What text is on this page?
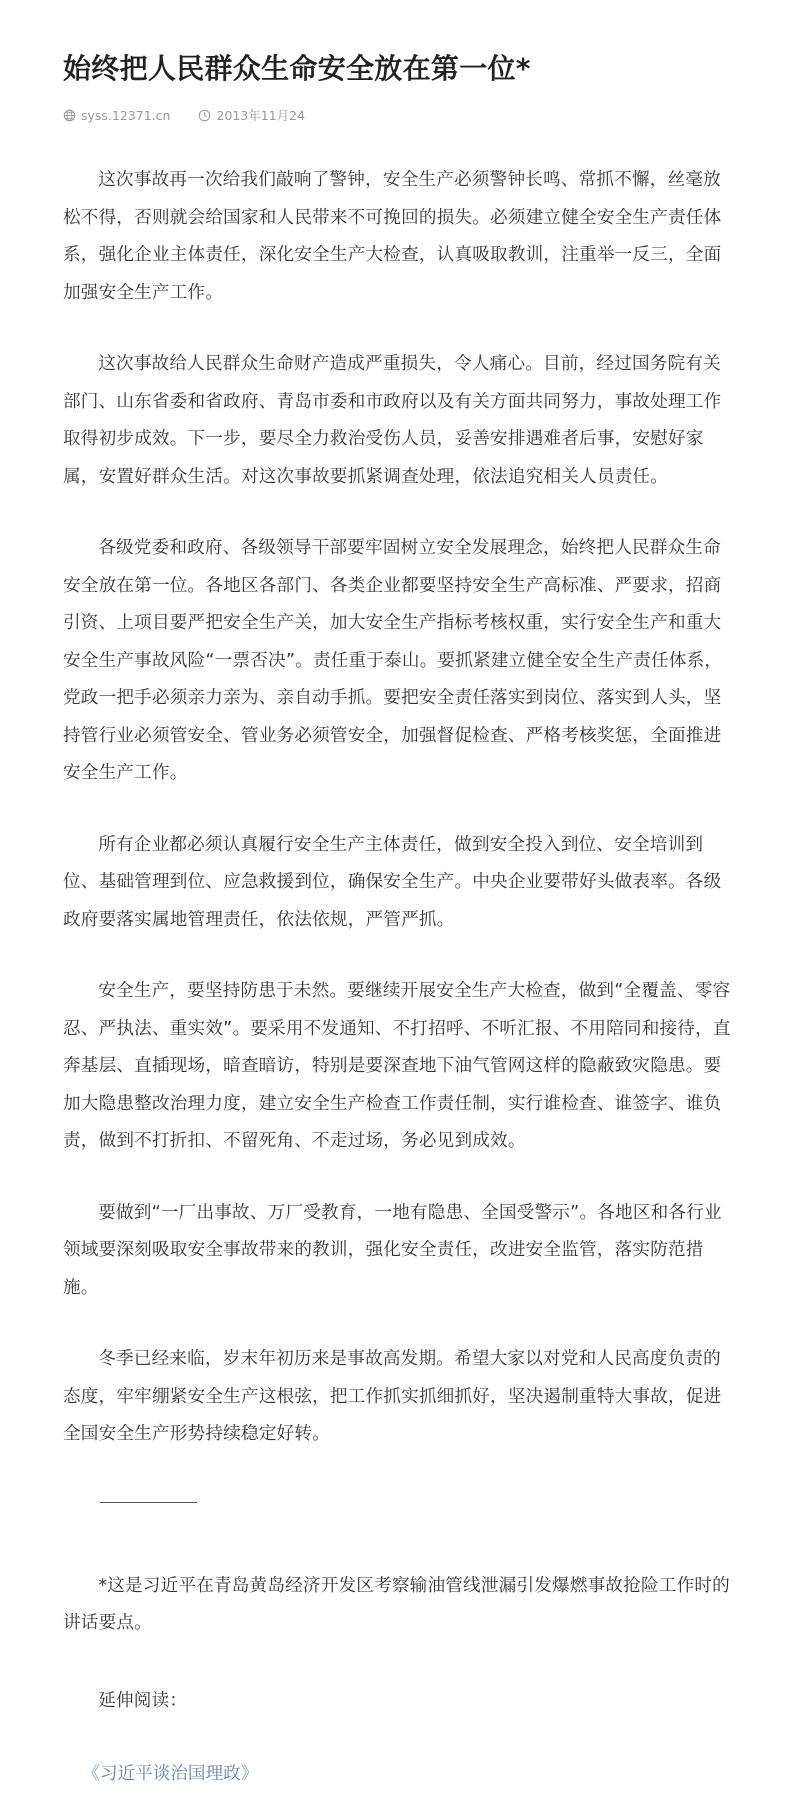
始终把人民群众生命安全放在第一位*
syss.12371.cn	2013年11月24

这次事故再一次给我们敲响了警钟，安全生产必须警钟长鸣、常抓不懈，丝毫放松不得，否则就会给国家和人民带来不可挽回的损失。必须建立健全安全生产责任体系，强化企业主体责任，深化安全生产大检查，认真吸取教训，注重举一反三，全面加强安全生产工作。

这次事故给人民群众生命财产造成严重损失，令人痛心。目前，经过国务院有关部门、山东省委和省政府、青岛市委和市政府以及有关方面共同努力，事故处理工作取得初步成效。下一步，要尽全力救治受伤人员，妥善安排遇难者后事，安慰好家属，安置好群众生活。对这次事故要抓紧调查处理，依法追究相关人员责任。

各级党委和政府、各级领导干部要牢固树立安全发展理念，始终把人民群众生命安全放在第一位。各地区各部门、各类企业都要坚持安全生产高标准、严要求，招商引资、上项目要严把安全生产关，加大安全生产指标考核权重，实行安全生产和重大安全生产事故风险“一票否决”。责任重于泰山。要抓紧建立健全安全生产责任体系，党政一把手必须亲力亲为、亲自动手抓。要把安全责任落实到岗位、落实到人头，坚持管行业必须管安全、管业务必须管安全，加强督促检查、严格考核奖惩，全面推进安全生产工作。

所有企业都必须认真履行安全生产主体责任，做到安全投入到位、安全培训到位、基础管理到位、应急救援到位，确保安全生产。中央企业要带好头做表率。各级政府要落实属地管理责任，依法依规，严管严抓。

安全生产，要坚持防患于未然。要继续开展安全生产大检查，做到“全覆盖、零容忍、严执法、重实效”。要采用不发通知、不打招呼、不听汇报、不用陪同和接待，直奔基层、直插现场，暗查暗访，特别是要深查地下油气管网这样的隐蔽致灾隐患。要加大隐患整改治理力度，建立安全生产检查工作责任制，实行谁检查、谁签字、谁负责，做到不打折扣、不留死角、不走过场，务必见到成效。

要做到“一厂出事故、万厂受教育，一地有隐患、全国受警示”。各地区和各行业领域要深刻吸取安全事故带来的教训，强化安全责任，改进安全监管，落实防范措施。

冬季已经来临，岁末年初历来是事故高发期。希望大家以对党和人民高度负责的态度，牢牢绷紧安全生产这根弦，把工作抓实抓细抓好，坚决遏制重特大事故，促进全国安全生产形势持续稳定好转。

*这是习近平在青岛黄岛经济开发区考察输油管线泄漏引发爆燃事故抢险工作时的讲话要点。

延伸阅读：

《习近平谈治国理政》
